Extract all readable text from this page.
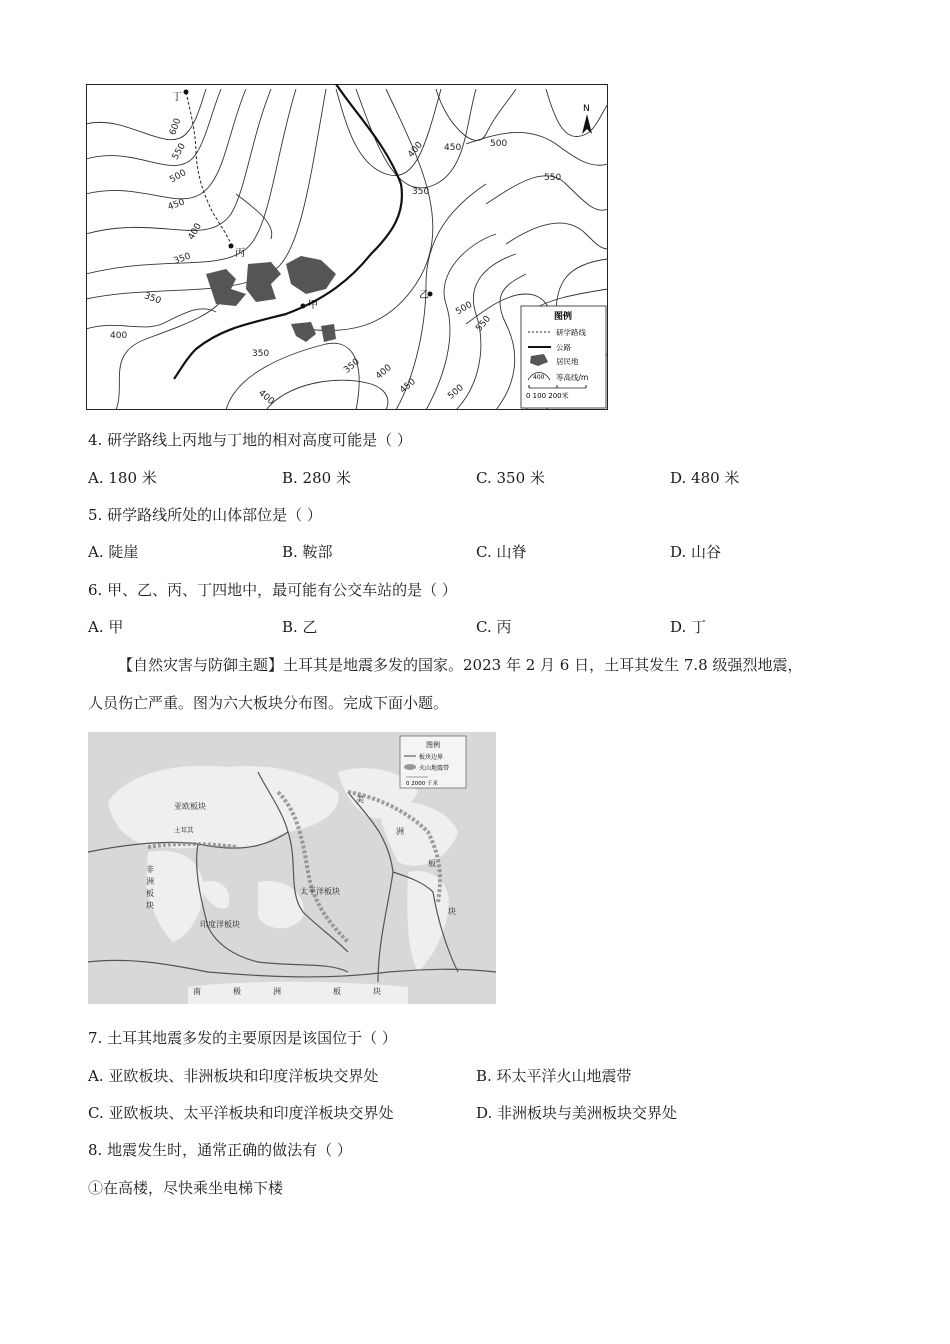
丁
丙
甲
乙
600
550
500
450
400
350
350
400
350
400
350 400
450
350
500
550
500
550
400 450	500
N
图例
研学路线
公路
居民地
400 等高线/m
0 100 200米
4. 研学路线上丙地与丁地的相对高度可能是（ ）
A. 180 米	B. 280 米	C. 350 米	D. 480 米
5. 研学路线所处的山体部位是（ ）
A. 陡崖	B. 鞍部	C. 山脊	D. 山谷
6. 甲、乙、丙、丁四地中，最可能有公交车站的是（ ）
A. 甲	B. 乙	C. 丙	D. 丁
【自然灾害与防御主题】土耳其是地震多发的国家。2023 年 2 月 6 日，土耳其发生 7.8 级强烈地震，
人员伤亡严重。图为六大板块分布图。完成下面小题。
亚欧板块
土耳其
非
洲
板
块
太平洋板块
印度洋板块
美
洲
板
块
南	极	洲	板	块
图例
板块边界
火山地震带
0 2000 千米
7. 土耳其地震多发的主要原因是该国位于（ ）
A. 亚欧板块、非洲板块和印度洋板块交界处	B. 环太平洋火山地震带
C. 亚欧板块、太平洋板块和印度洋板块交界处	D. 非洲板块与美洲板块交界处
8. 地震发生时，通常正确的做法有（ ）
①在高楼，尽快乘坐电梯下楼
